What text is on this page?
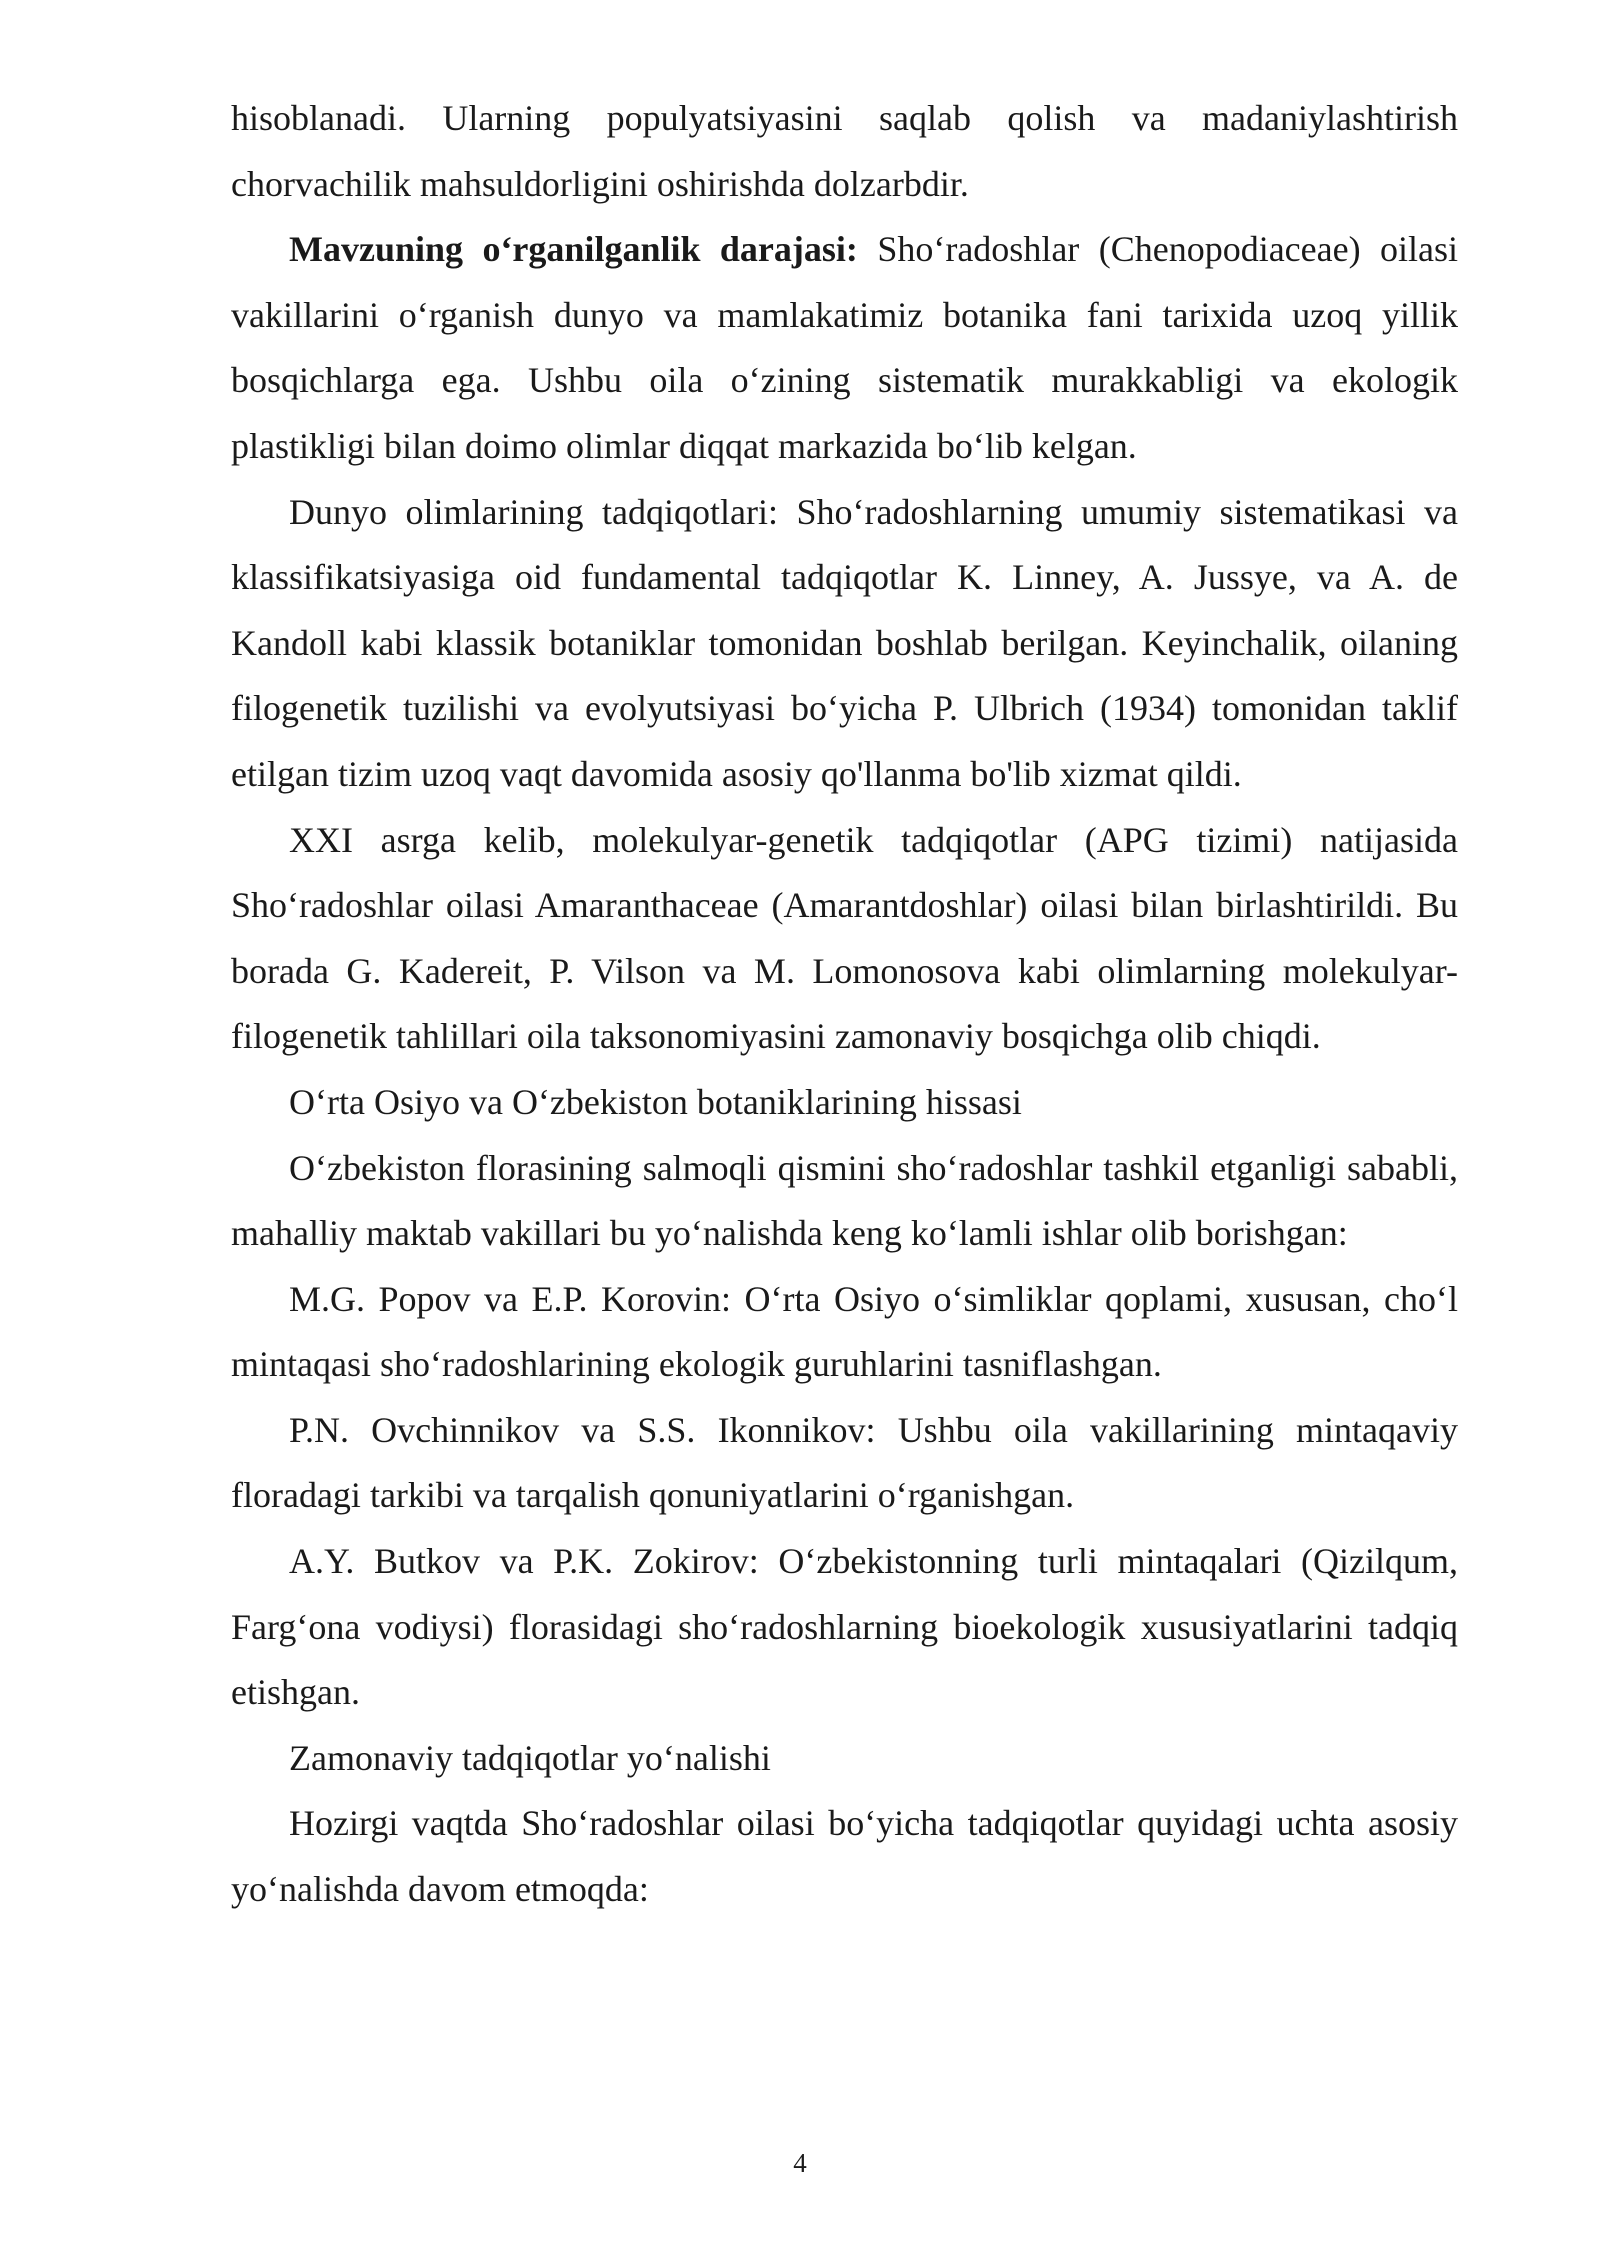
hisoblanadi. Ularning populyatsiyasini saqlab qolish va madaniylashtirish chorvachilik mahsuldorligini oshirishda dolzarbdir.

Mavzuning o‘rganilganlik darajasi: Sho‘radoshlar (Chenopodiaceae) oilasi vakillarini o‘rganish dunyo va mamlakatimiz botanika fani tarixida uzoq yillik bosqichlarga ega. Ushbu oila o‘zining sistematik murakkabligi va ekologik plastikligi bilan doimo olimlar diqqat markazida bo‘lib kelgan.

Dunyo olimlarining tadqiqotlari: Sho‘radoshlarning umumiy sistematikasi va klassifikatsiyasiga oid fundamental tadqiqotlar K. Linney, A. Jussye, va A. de Kandoll kabi klassik botaniklar tomonidan boshlab berilgan. Keyinchalik, oilaning filogenetik tuzilishi va evolyutsiyasi bo‘yicha P. Ulbrich (1934) tomonidan taklif etilgan tizim uzoq vaqt davomida asosiy qo'llanma bo'lib xizmat qildi.

XXI asrga kelib, molekulyar-genetik tadqiqotlar (APG tizimi) natijasida Sho‘radoshlar oilasi Amaranthaceae (Amarantdoshlar) oilasi bilan birlashtirildi. Bu borada G. Kadereit, P. Vilson va M. Lomonosova kabi olimlarning molekulyar-filogenetik tahlillari oila taksonomiyasini zamonaviy bosqichga olib chiqdi.

O‘rta Osiyo va O‘zbekiston botaniklarining hissasi

O‘zbekiston florasining salmoqli qismini sho‘radoshlar tashkil etganligi sababli, mahalliy maktab vakillari bu yo‘nalishda keng ko‘lamli ishlar olib borishgan:

M.G. Popov va E.P. Korovin: O‘rta Osiyo o‘simliklar qoplami, xususan, cho‘l mintaqasi sho‘radoshlarining ekologik guruhlarini tasniflashgan.

P.N. Ovchinnikov va S.S. Ikonnikov: Ushbu oila vakillarining mintaqaviy floradagi tarkibi va tarqalish qonuniyatlarini o‘rganishgan.

A.Y. Butkov va P.K. Zokirov: O‘zbekistonning turli mintaqalari (Qizilqum, Farg‘ona vodiysi) florasidagi sho‘radoshlarning bioekologik xususiyatlarini tadqiq etishgan.

Zamonaviy tadqiqotlar yo‘nalishi

Hozirgi vaqtda Sho‘radoshlar oilasi bo‘yicha tadqiqotlar quyidagi uchta asosiy yo‘nalishda davom etmoqda:

4
